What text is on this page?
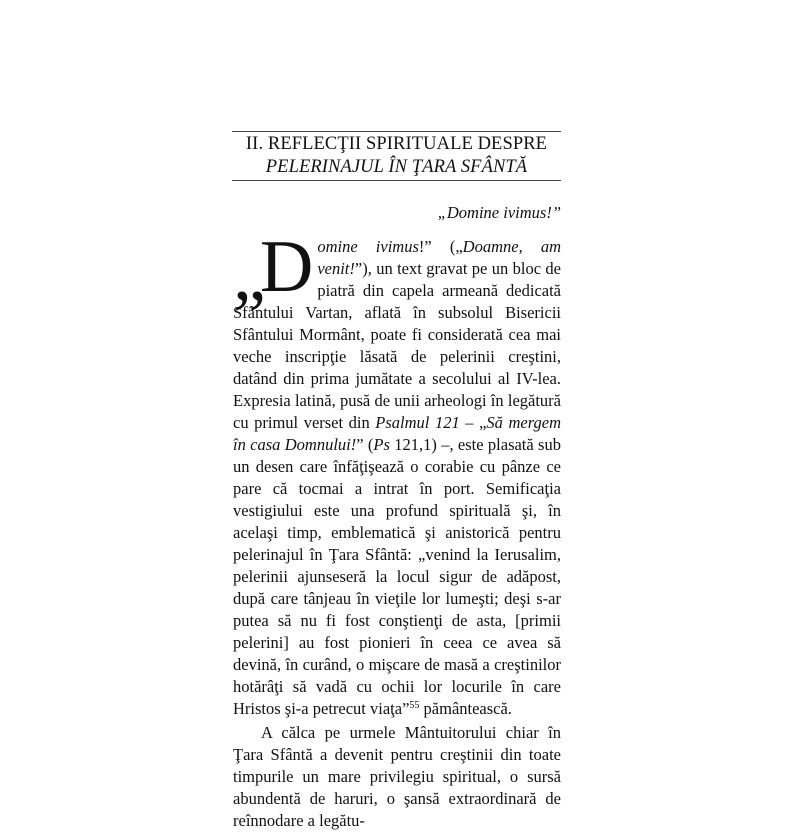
II. REFLECŢII SPIRITUALE DESPRE
PELERINAJUL ÎN ŢARA SFÂNTĂ
„Domine ivimus!”

„D omine ivimus!” („Doamne, am venit!”), un text gravat pe un bloc de piatră din capela armeană dedicată Sfântului Vartan, aflată în subsolul Bisericii Sfântului Mormânt, poate fi considerată cea mai veche inscripţie lăsată de pelerinii creştini, datând din prima jumătate a secolului al IV-lea. Expresia latină, pusă de unii arheologi în legătură cu primul verset din Psalmul 121 – „Să mergem în casa Domnului!” (Ps 121,1) –, este plasată sub un desen care înfăţişează o corabie cu pânze ce pare că tocmai a intrat în port. Semificaţia vestigiului este una profund spirituală şi, în acelaşi timp, emblematică şi anistorică pentru pelerinajul în Ţara Sfântă: „venind la Ierusalim, pelerinii ajunseseră la locul sigur de adăpost, după care tânjeau în vieţile lor lumeşti; deşi s-ar putea să nu fi fost conştienţi de asta, [primii pelerini] au fost pionieri în ceea ce avea să devină, în curând, o mişcare de masă a creştinilor hotărâţi să vadă cu ochii lor locurile în care Hristos şi-a petrecut viaţa”$^{55}$ pământească.

A călca pe urmele Mântuitorului chiar în Ţara Sfântă a devenit pentru creştinii din toate timpurile un mare privilegiu spiritual, o sursă abundentă de haruri, o şansă extraordinară de reînnodare a legătu-
